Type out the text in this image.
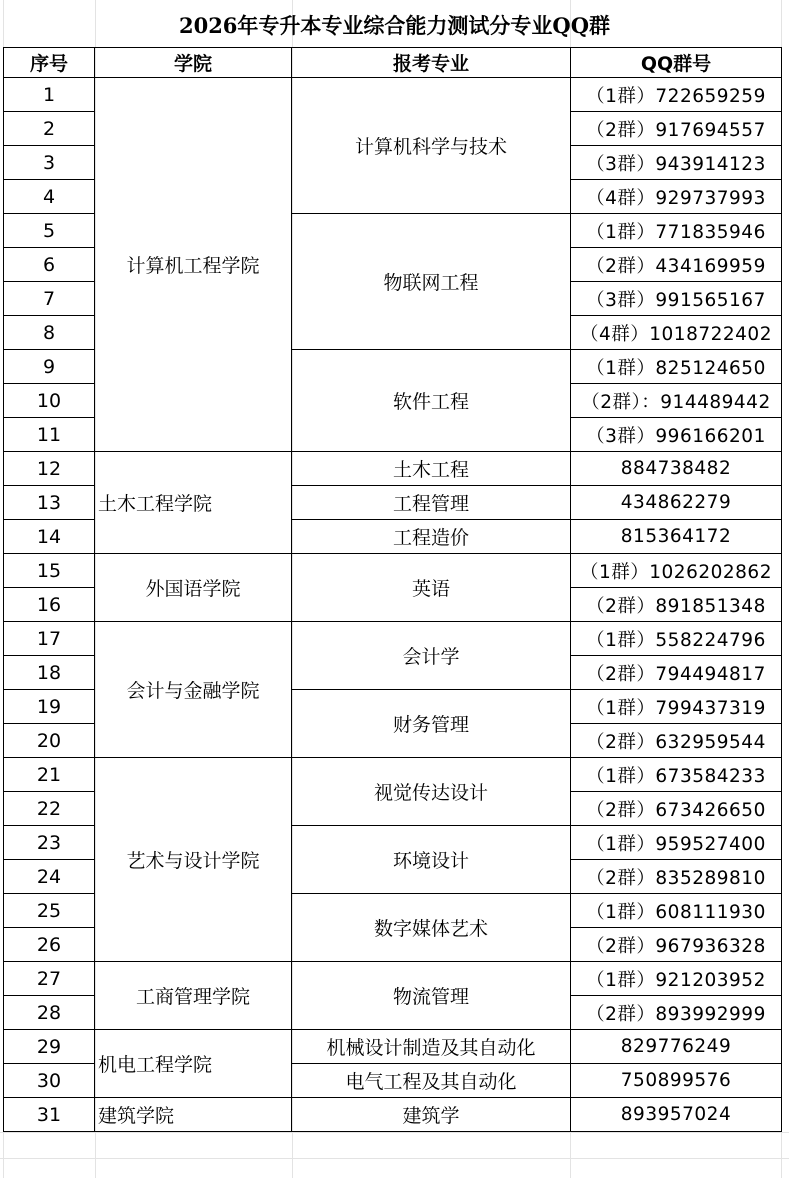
2026年专升本专业综合能力测试分专业QQ群
序号	学院	报考专业	QQ群号
1	计算机工程学院	计算机科学与技术	（1群）722659259
2			（2群）917694557
3			（3群）943914123
4			（4群）929737993
5		物联网工程	（1群）771835946
6			（2群）434169959
7			（3群）991565167
8			（4群）1018722402
9		软件工程	（1群）825124650
10			（2群）：914489442
11			（3群）996166201
12	土木工程学院	土木工程	884738482
13		工程管理	434862279
14		工程造价	815364172
15	外国语学院	英语	（1群）1026202862
16			（2群）891851348
17	会计与金融学院	会计学	（1群）558224796
18			（2群）794494817
19		财务管理	（1群）799437319
20			（2群）632959544
21	艺术与设计学院	视觉传达设计	（1群）673584233
22			（2群）673426650
23		环境设计	（1群）959527400
24			（2群）835289810
25		数字媒体艺术	（1群）608111930
26			（2群）967936328
27	工商管理学院	物流管理	（1群）921203952
28			（2群）893992999
29	机电工程学院	机械设计制造及其自动化	829776249
30		电气工程及其自动化	750899576
31	建筑学院	建筑学	893957024
